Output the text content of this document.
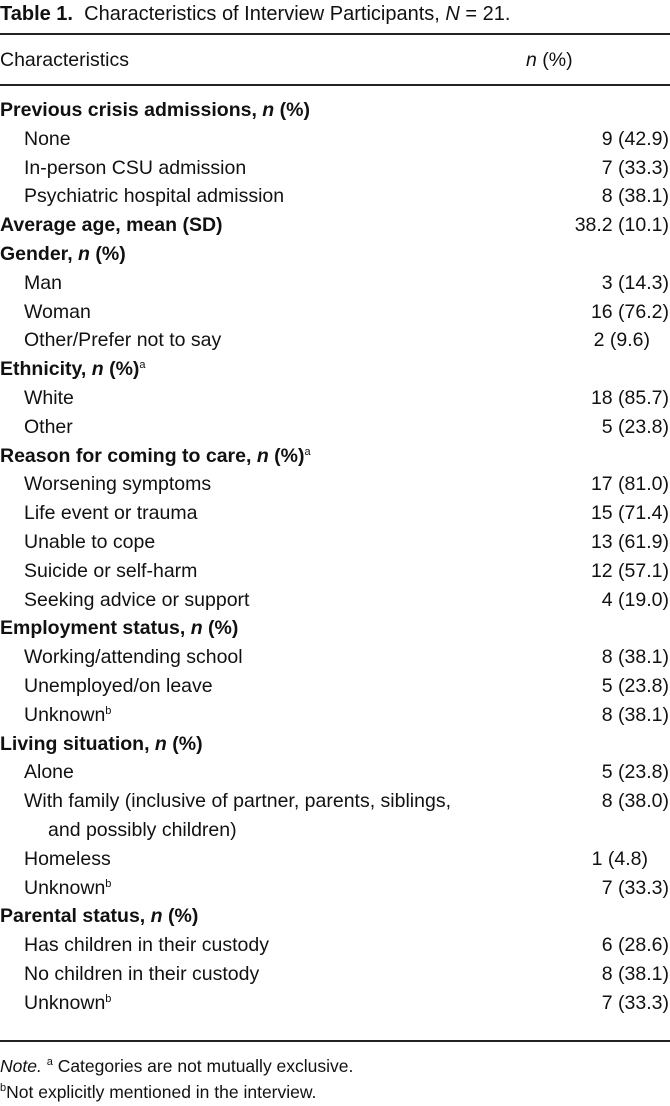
Table 1. Characteristics of Interview Participants, N = 21.
Characteristics	n (%)
Previous crisis admissions, n (%)
None	9 (42.9)
In-person CSU admission	7 (33.3)
Psychiatric hospital admission	8 (38.1)
Average age, mean (SD)	38.2 (10.1)
Gender, n (%)
Man	3 (14.3)
Woman	16 (76.2)
Other/Prefer not to say	2 (9.6)
Ethnicity, n (%)$^a$
White	18 (85.7)
Other	5 (23.8)
Reason for coming to care, n (%)$^a$
Worsening symptoms	17 (81.0)
Life event or trauma	15 (71.4)
Unable to cope	13 (61.9)
Suicide or self-harm	12 (57.1)
Seeking advice or support	4 (19.0)
Employment status, n (%)
Working/attending school	8 (38.1)
Unemployed/on leave	5 (23.8)
Unknown$^b$	8 (38.1)
Living situation, n (%)
Alone	5 (23.8)
With family (inclusive of partner, parents, siblings,	8 (38.0)
and possibly children)
Homeless	1 (4.8)
Unknown$^b$	7 (33.3)
Parental status, n (%)
Has children in their custody	6 (28.6)
No children in their custody	8 (38.1)
Unknown$^b$	7 (33.3)
Note. $^a$ Categories are not mutually exclusive.
$^b$Not explicitly mentioned in the interview.
